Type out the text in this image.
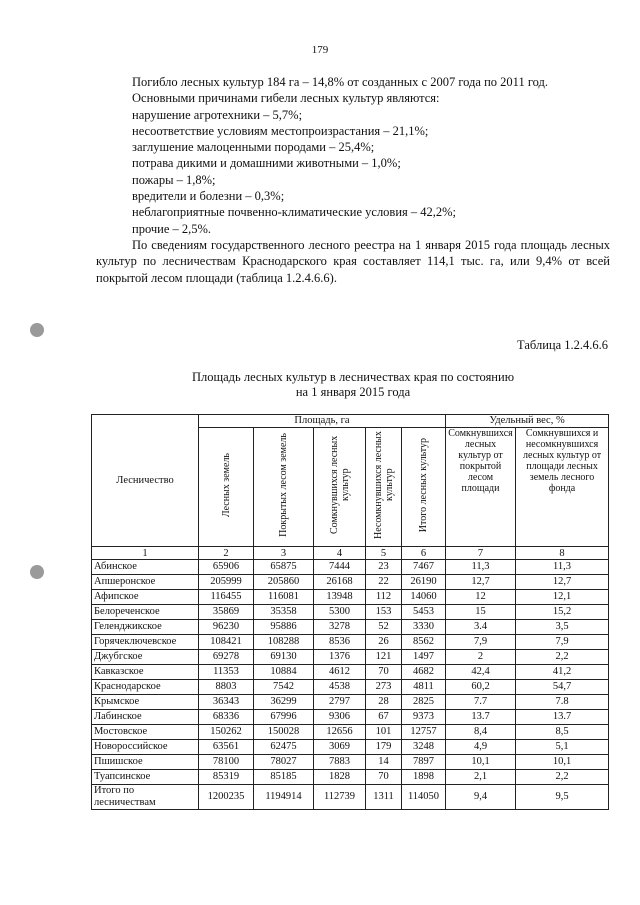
179

Погибло лесных культур 184 га – 14,8% от созданных с 2007 года по 2011 год.

Основными причинами гибели лесных культур являются:

нарушение агротехники – 5,7%;

несоответствие условиям местопроизрастания – 21,1%;

заглушение малоценными породами – 25,4%;

потрава дикими и домашними животными – 1,0%;

пожары – 1,8%;

вредители и болезни – 0,3%;

неблагоприятные почвенно-климатические условия – 42,2%;

прочие – 2,5%.

По сведениям государственного лесного реестра на 1 января 2015 года площадь лесных культур по лесничествам Краснодарского края составляет 114,1 тыс. га, или 9,4% от всей покрытой лесом площади (таблица 1.2.4.6.6).

Таблица 1.2.4.6.6
Площадь лесных культур в лесничествах края по состоянию
на 1 января 2015 года
Лесничество	Площадь, га					Удельный вес, %	
	Лесных земель	Покрытых лесом земель	Сомкнувшихся лесных культур	Несомкнувшихся лесных культур	Итого лесных культур	Сомкнувшихся лесных культур от покрытой лесом площади	Сомкнувшихся и несомкнувшихся лесных культур от площади лесных земель лесного фонда
1	2	3	4	5	6	7	8
Абинское	65906	65875	7444	23	7467	11,3	11,3
Апшеронское	205999	205860	26168	22	26190	12,7	12,7
Афипское	116455	116081	13948	112	14060	12	12,1
Белореченское	35869	35358	5300	153	5453	15	15,2
Геленджикское	96230	95886	3278	52	3330	3.4	3,5
Горячеключевское	108421	108288	8536	26	8562	7,9	7,9
Джубгское	69278	69130	1376	121	1497	2	2,2
Кавказское	11353	10884	4612	70	4682	42,4	41,2
Краснодарское	8803	7542	4538	273	4811	60,2	54,7
Крымское	36343	36299	2797	28	2825	7.7	7.8
Лабинское	68336	67996	9306	67	9373	13.7	13.7
Мостовское	150262	150028	12656	101	12757	8,4	8,5
Новороссийское	63561	62475	3069	179	3248	4,9	5,1
Пшишское	78100	78027	7883	14	7897	10,1	10,1
Туапсинское	85319	85185	1828	70	1898	2,1	2,2
Итого по лесничествам	1200235	1194914	112739	1311	114050	9,4	9,5
